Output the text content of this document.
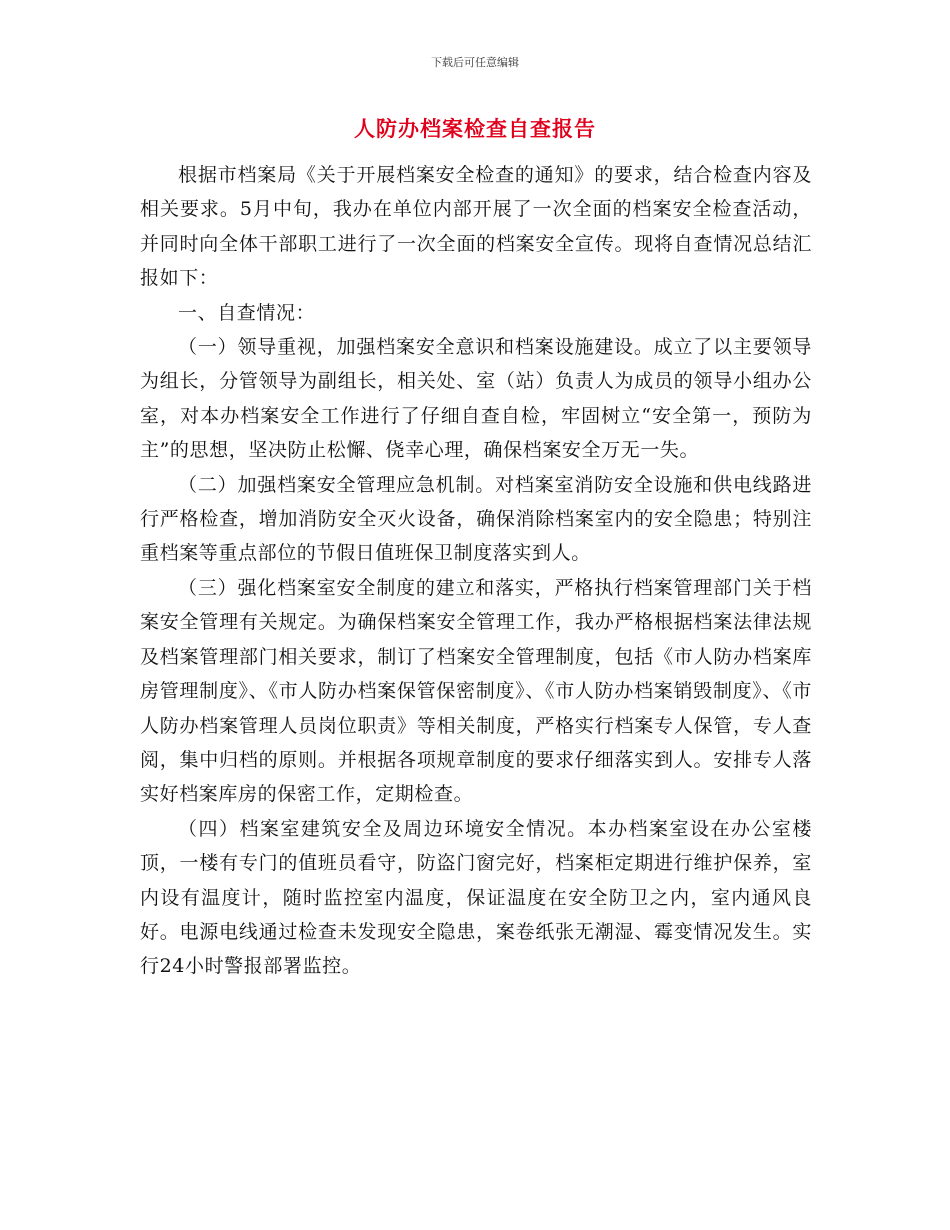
下载后可任意编辑
人防办档案检查自查报告

根据市档案局《关于开展档案安全检查的通知》的要求，结合检查内容及相关要求。5月中旬，我办在单位内部开展了一次全面的档案安全检查活动，并同时向全体干部职工进行了一次全面的档案安全宣传。现将自查情况总结汇报如下：

一、自查情况：

（一）领导重视，加强档案安全意识和档案设施建设。成立了以主要领导为组长，分管领导为副组长，相关处、室（站）负责人为成员的领导小组办公室，对本办档案安全工作进行了仔细自查自检，牢固树立“安全第一，预防为主”的思想，坚决防止松懈、侥幸心理，确保档案安全万无一失。

（二）加强档案安全管理应急机制。对档案室消防安全设施和供电线路进行严格检查，增加消防安全灭火设备，确保消除档案室内的安全隐患；特别注重档案等重点部位的节假日值班保卫制度落实到人。

（三）强化档案室安全制度的建立和落实，严格执行档案管理部门关于档案安全管理有关规定。为确保档案安全管理工作，我办严格根据档案法律法规及档案管理部门相关要求，制订了档案安全管理制度，包括《市人防办档案库房管理制度》、《市人防办档案保管保密制度》、《市人防办档案销毁制度》、《市人防办档案管理人员岗位职责》等相关制度，严格实行档案专人保管，专人查阅，集中归档的原则。并根据各项规章制度的要求仔细落实到人。安排专人落实好档案库房的保密工作，定期检查。

（四）档案室建筑安全及周边环境安全情况。本办档案室设在办公室楼顶，一楼有专门的值班员看守，防盗门窗完好，档案柜定期进行维护保养，室内设有温度计，随时监控室内温度，保证温度在安全防卫之内，室内通风良好。电源电线通过检查未发现安全隐患，案卷纸张无潮湿、霉变情况发生。实行24小时警报部署监控。
